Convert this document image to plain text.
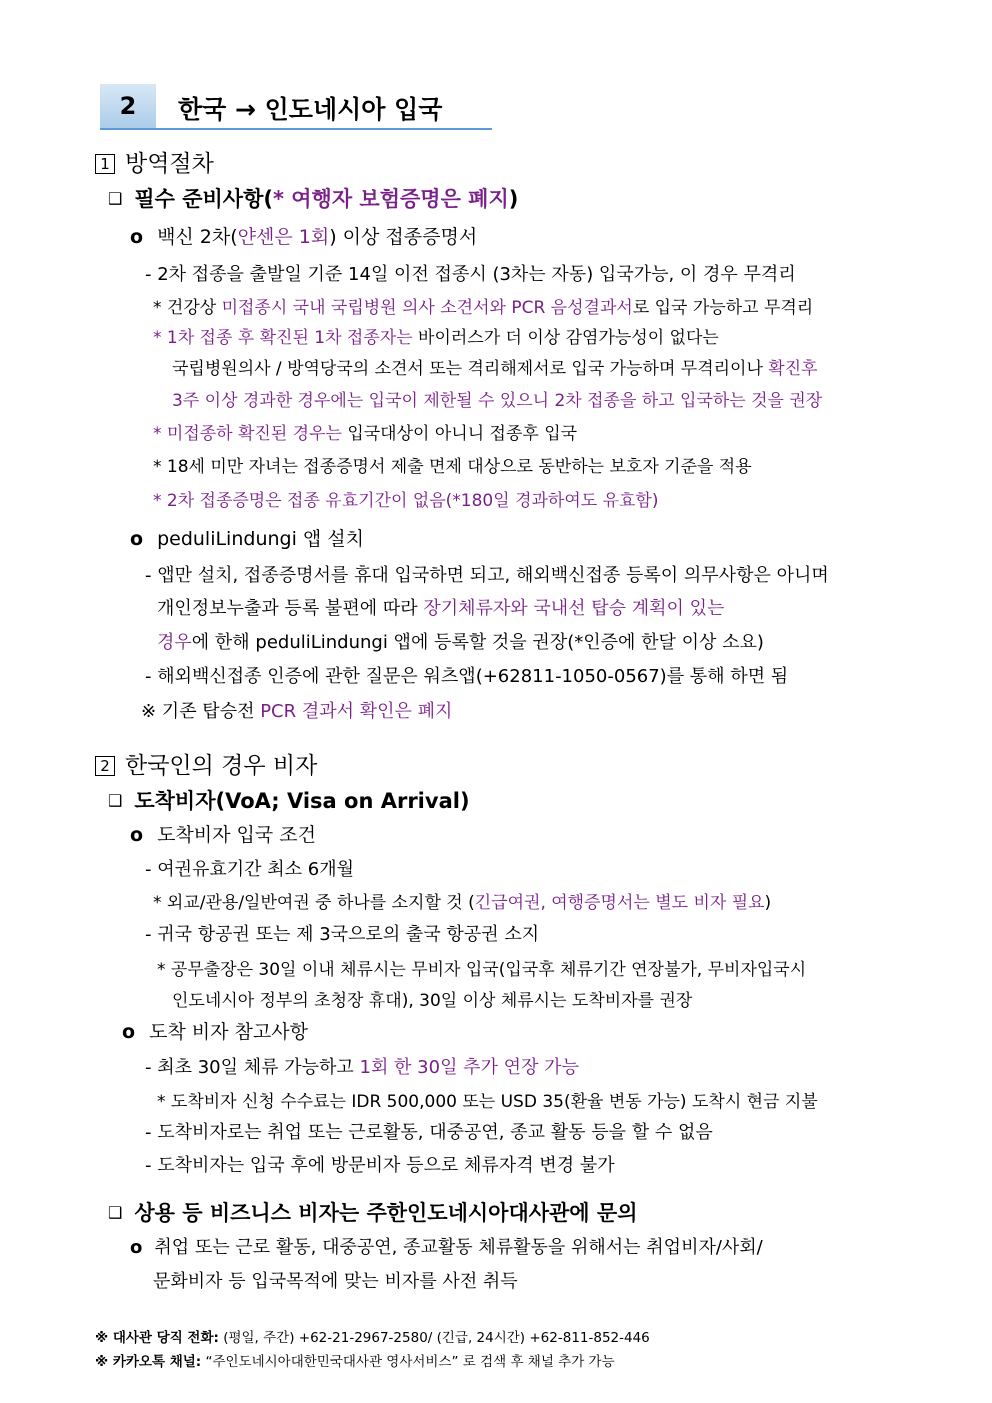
2	한국 → 인도네시아 입국
1 방역절차
❑ 필수 준비사항(* 여행자 보험증명은 폐지)
o 백신 2차(얀센은 1회) 이상 접종증명서
- 2차 접종을 출발일 기준 14일 이전 접종시 (3차는 자동) 입국가능, 이 경우 무격리
* 건강상 미접종시 국내 국립병원 의사 소견서와 PCR 음성결과서로 입국 가능하고 무격리
* 1차 접종 후 확진된 1차 접종자는 바이러스가 더 이상 감염가능성이 없다는
국립병원의사 / 방역당국의 소견서 또는 격리해제서로 입국 가능하며 무격리이나 확진후
3주 이상 경과한 경우에는 입국이 제한될 수 있으니 2차 접종을 하고 입국하는 것을 권장
* 미접종하 확진된 경우는 입국대상이 아니니 접종후 입국
* 18세 미만 자녀는 접종증명서 제출 면제 대상으로 동반하는 보호자 기준을 적용
* 2차 접종증명은 접종 유효기간이 없음(*180일 경과하여도 유효함)
o peduliLindungi 앱 설치
- 앱만 설치, 접종증명서를 휴대 입국하면 되고, 해외백신접종 등록이 의무사항은 아니며
개인정보누출과 등록 불편에 따라 장기체류자와 국내선 탑승 계획이 있는
경우에 한해 peduliLindungi 앱에 등록할 것을 권장(*인증에 한달 이상 소요)
- 해외백신접종 인증에 관한 질문은 워츠앱(+62811-1050-0567)를 통해 하면 됨
※ 기존 탑승전 PCR 결과서 확인은 폐지
2 한국인의 경우 비자
❑ 도착비자(VoA; Visa on Arrival)
o 도착비자 입국 조건
- 여권유효기간 최소 6개월
* 외교/관용/일반여권 중 하나를 소지할 것 (긴급여권, 여행증명서는 별도 비자 필요)
- 귀국 항공권 또는 제 3국으로의 출국 항공권 소지
* 공무출장은 30일 이내 체류시는 무비자 입국(입국후 체류기간 연장불가, 무비자입국시
인도네시아 정부의 초청장 휴대), 30일 이상 체류시는 도착비자를 권장
o 도착 비자 참고사항
- 최초 30일 체류 가능하고 1회 한 30일 추가 연장 가능
* 도착비자 신청 수수료는 IDR 500,000 또는 USD 35(환율 변동 가능) 도착시 현금 지불
- 도착비자로는 취업 또는 근로활동, 대중공연, 종교 활동 등을 할 수 없음
- 도착비자는 입국 후에 방문비자 등으로 체류자격 변경 불가
❑ 상용 등 비즈니스 비자는 주한인도네시아대사관에 문의
o 취업 또는 근로 활동, 대중공연, 종교활동 체류활동을 위해서는 취업비자/사회/
문화비자 등 입국목적에 맞는 비자를 사전 취득
※ 대사관 당직 전화: (평일, 주간) +62-21-2967-2580/ (긴급, 24시간) +62-811-852-446
※ 카카오톡 채널: “주인도네시아대한민국대사관 영사서비스” 로 검색 후 채널 추가 가능
